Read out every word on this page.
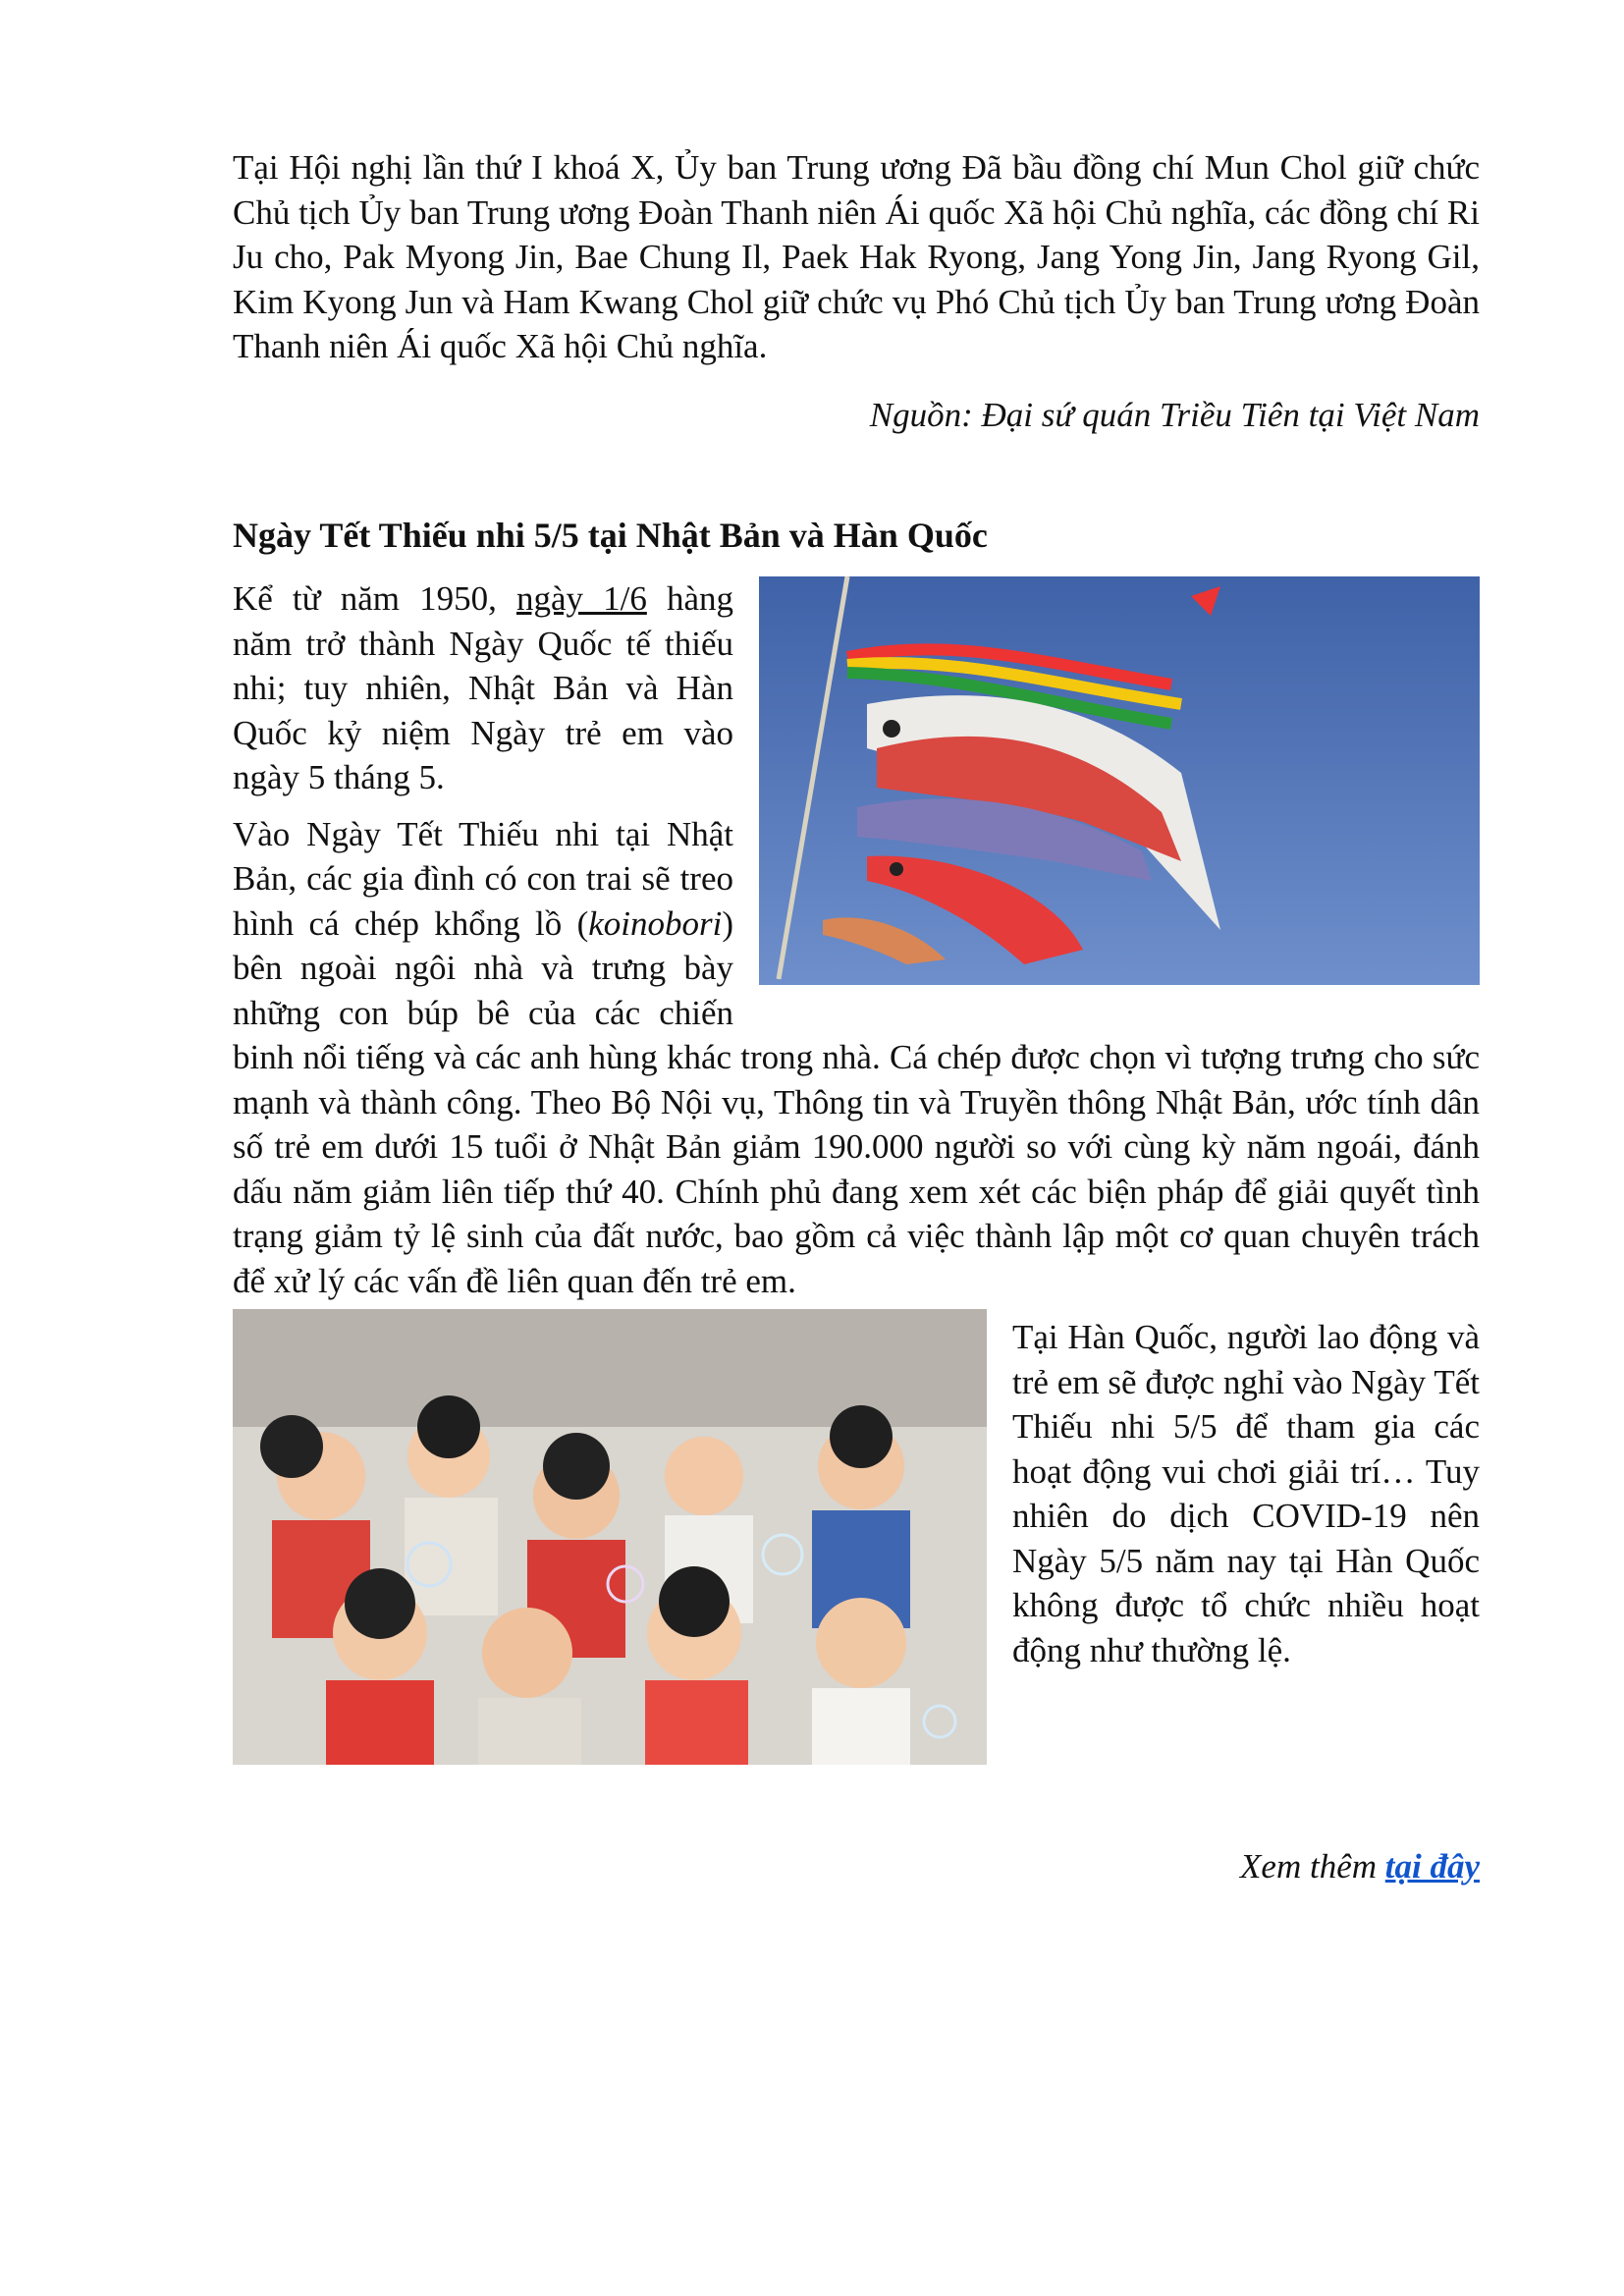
Tại Hội nghị lần thứ I khoá X, Ủy ban Trung ương Đã bầu đồng chí Mun Chol giữ chức Chủ tịch Ủy ban Trung ương Đoàn Thanh niên Ái quốc Xã hội Chủ nghĩa, các đồng chí Ri Ju cho, Pak Myong Jin, Bae Chung Il, Paek Hak Ryong, Jang Yong Jin, Jang Ryong Gil, Kim Kyong Jun và Ham Kwang Chol giữ chức vụ Phó Chủ tịch Ủy ban Trung ương Đoàn Thanh niên Ái quốc Xã hội Chủ nghĩa.

Nguồn: Đại sứ quán Triều Tiên tại Việt Nam
Ngày Tết Thiếu nhi 5/5 tại Nhật Bản và Hàn Quốc

Kể từ năm 1950, ngày 1/6 hàng năm trở thành Ngày Quốc tế thiếu nhi; tuy nhiên, Nhật Bản và Hàn Quốc kỷ niệm Ngày trẻ em vào ngày 5 tháng 5.

Vào Ngày Tết Thiếu nhi tại Nhật Bản, các gia đình có con trai sẽ treo hình cá chép khổng lồ (koinobori) bên ngoài ngôi nhà và trưng bày những con búp bê của các chiến binh nổi tiếng và các anh hùng khác trong nhà. Cá chép được chọn vì tượng trưng cho sức mạnh và thành công. Theo Bộ Nội vụ, Thông tin và Truyền thông Nhật Bản, ước tính dân số trẻ em dưới 15 tuổi ở Nhật Bản giảm 190.000 người so với cùng kỳ năm ngoái, đánh dấu năm giảm liên tiếp thứ 40. Chính phủ đang xem xét các biện pháp để giải quyết tình trạng giảm tỷ lệ sinh của đất nước, bao gồm cả việc thành lập một cơ quan chuyên trách để xử lý các vấn đề liên quan đến trẻ em.

Tại Hàn Quốc, người lao động và trẻ em sẽ được nghỉ vào Ngày Tết Thiếu nhi 5/5 để tham gia các hoạt động vui chơi giải trí… Tuy nhiên do dịch COVID-19 nên Ngày 5/5 năm nay tại Hàn Quốc không được tổ chức nhiều hoạt động như thường lệ.

Xem thêm tại đây
